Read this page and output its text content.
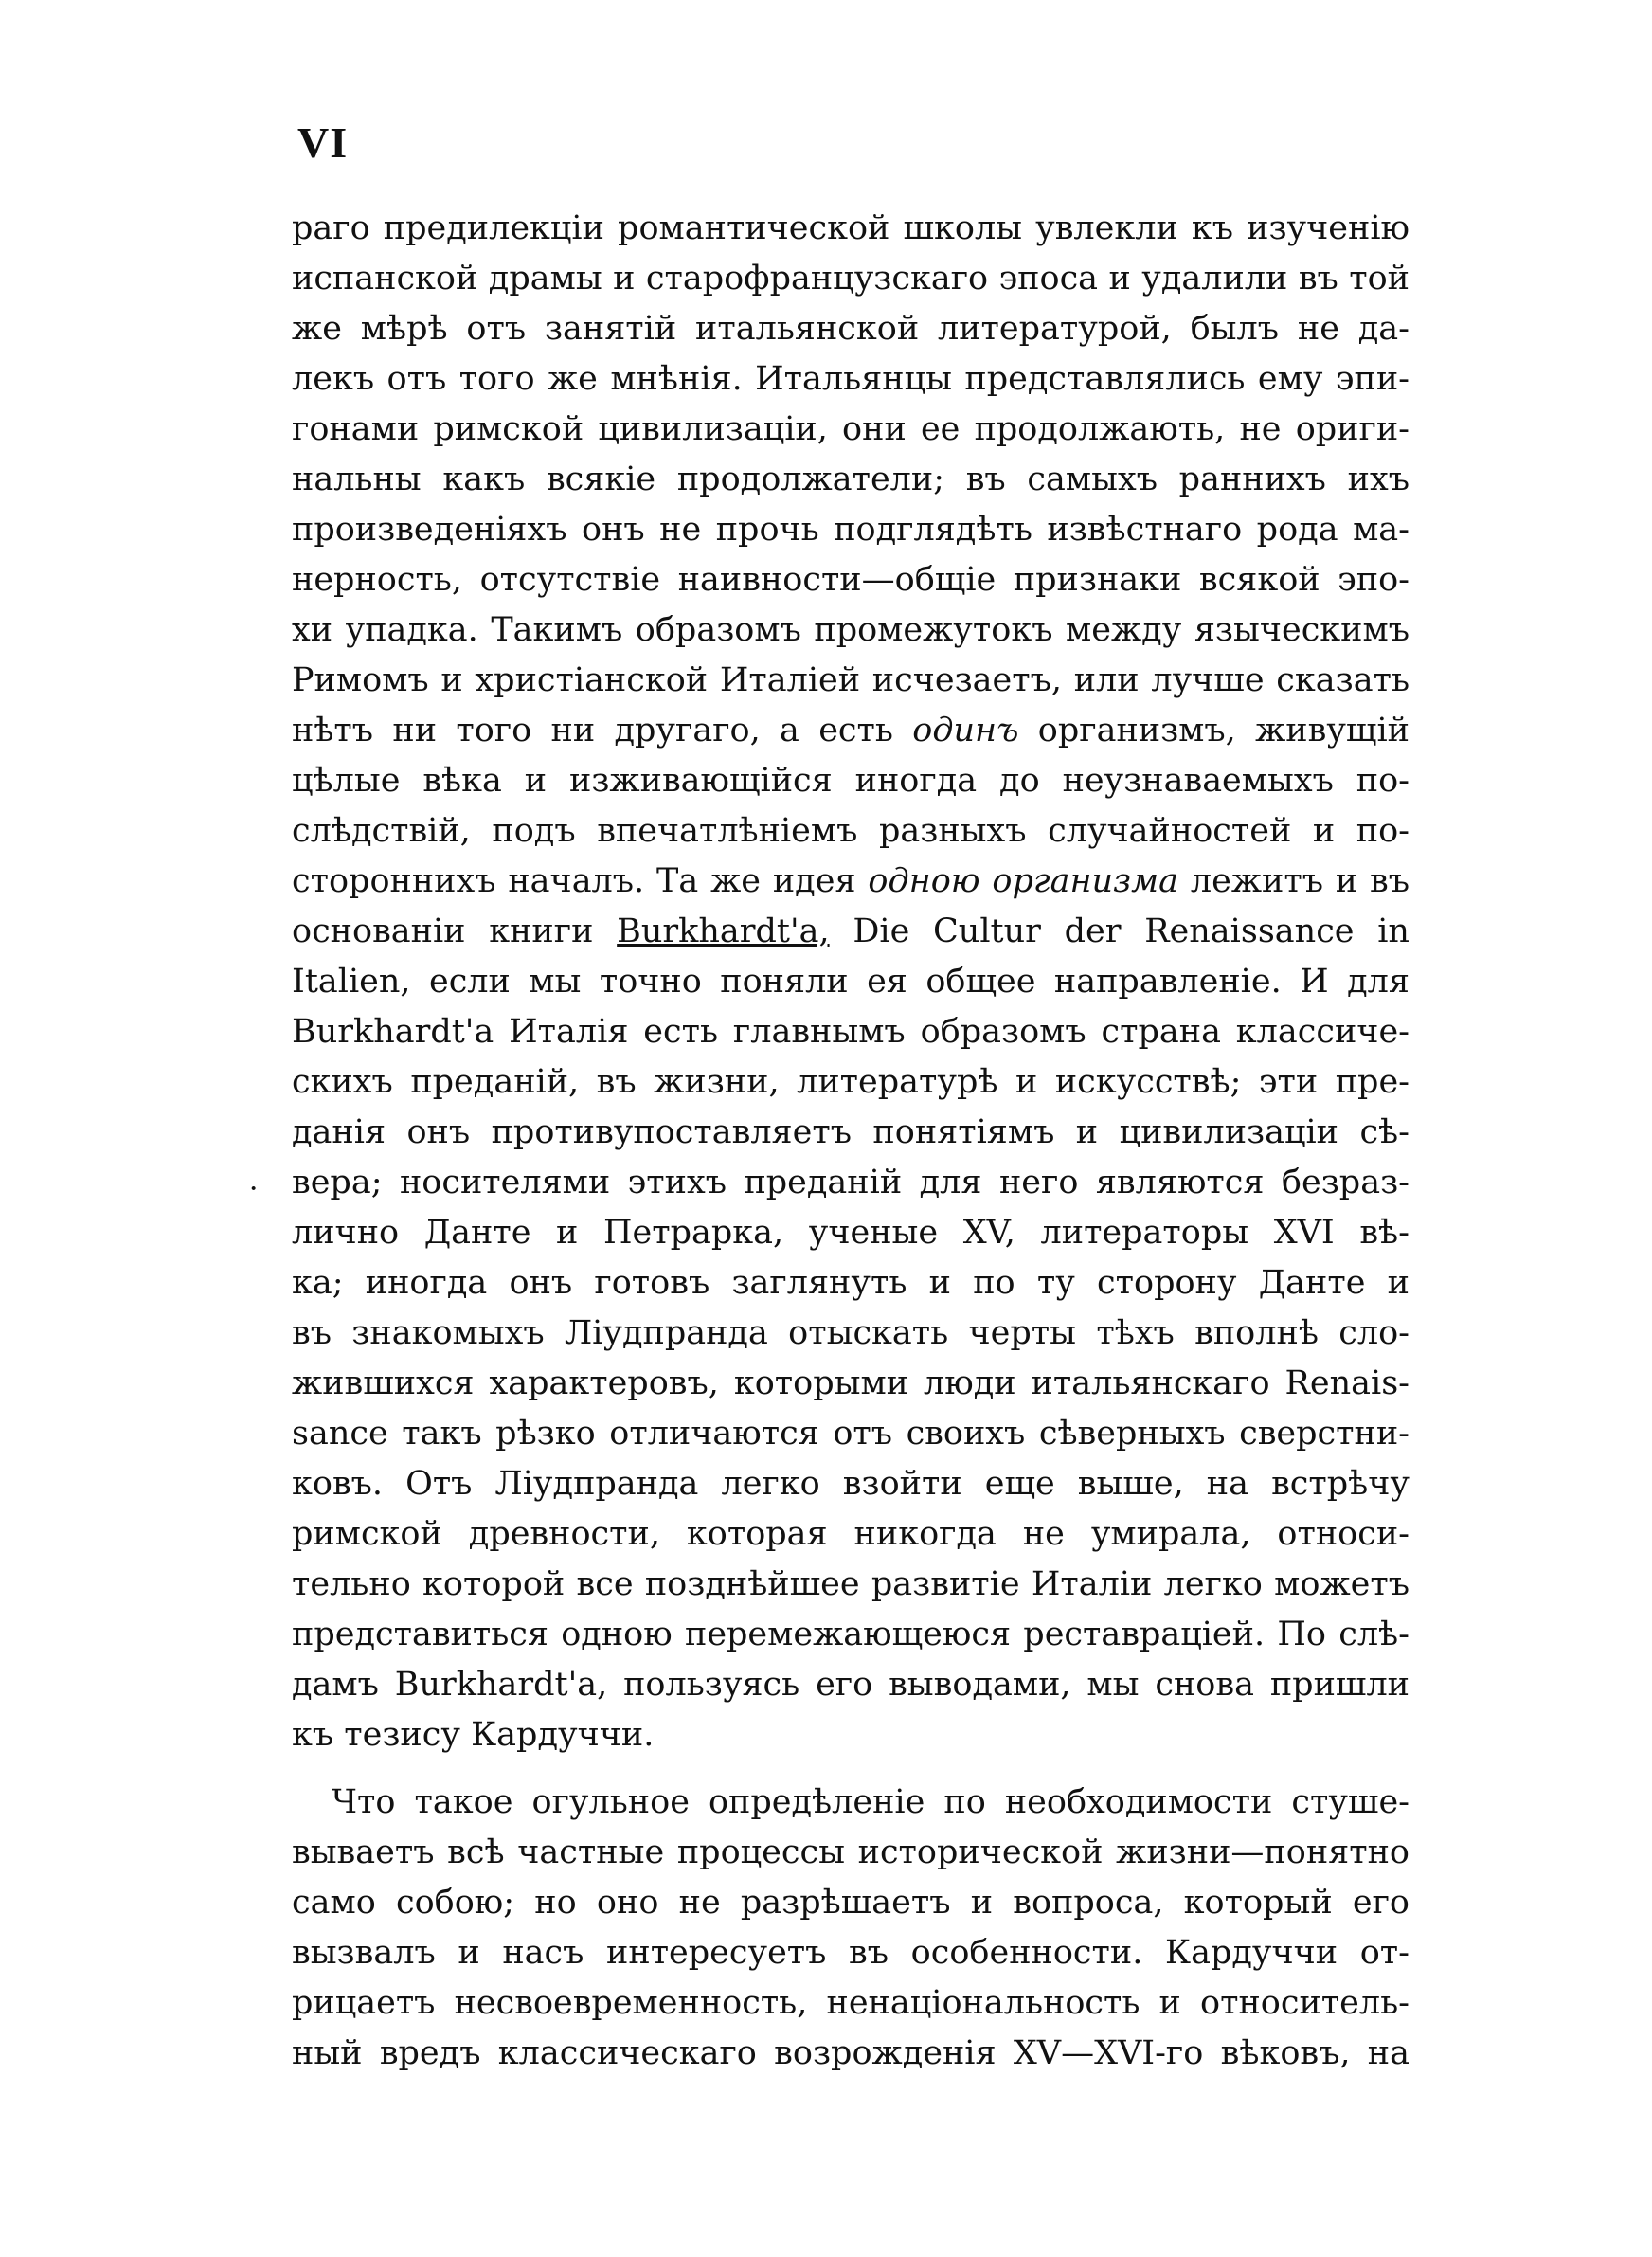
VI
·
раго предилекціи романтической школы увлекли къ изученію
испанской драмы и старофранцузскаго эпоса и удалили въ той
же мѣрѣ отъ занятій итальянской литературой, былъ не да-
лекъ отъ того же мнѣнія. Итальянцы представлялись ему эпи-
гонами римской цивилизаціи, они ее продолжають, не ориги-
нальны какъ всякіе продолжатели; въ самыхъ раннихъ ихъ
произведеніяхъ онъ не прочь подглядѣть извѣстнаго рода ма-
нерность, отсутствіе наивности—общіе признаки всякой эпо-
хи упадка. Такимъ образомъ промежутокъ между языческимъ
Римомъ и христіанской Италіей исчезаетъ, или лучше сказать
нѣтъ ни того ни другаго, а есть одинъ организмъ, живущій
цѣлые вѣка и изживающійся иногда до неузнаваемыхъ по-
слѣдствій, подъ впечатлѣніемъ разныхъ случайностей и по-
стороннихъ началъ. Та же идея одною организма лежитъ и въ
основаніи книги Burkhardt'a, Die Cultur der Renaissance in
Italien, если мы точно поняли ея общее направленіе. И для
Burkhardt'a Италія есть главнымъ образомъ страна классиче-
скихъ преданій, въ жизни, литературѣ и искусствѣ; эти пре-
данія онъ противупоставляетъ понятіямъ и цивилизаціи сѣ-
вера; носителями этихъ преданій для него являются безраз-
лично Данте и Петрарка, ученые XV, литераторы XVI вѣ-
ка; иногда онъ готовъ заглянуть и по ту сторону Данте и
въ знакомыхъ Ліудпранда отыскать черты тѣхъ вполнѣ сло-
жившихся характеровъ, которыми люди итальянскаго Renais-
sance такъ рѣзко отличаются отъ своихъ сѣверныхъ сверстни-
ковъ. Отъ Ліудпранда легко взойти еще выше, на встрѣчу
римской древности, которая никогда не умирала, относи-
тельно которой все позднѣйшее развитіе Италіи легко можетъ
представиться одною перемежающеюся реставраціей. По слѣ-
дамъ Burkhardt'a, пользуясь его выводами, мы снова пришли
къ тезису Кардуччи.
Что такое огульное опредѣленіе по необходимости стуше-
вываетъ всѣ частные процессы исторической жизни—понятно
само собою; но оно не разрѣшаетъ и вопроса, который его
вызвалъ и насъ интересуетъ въ особенности. Кардуччи от-
рицаетъ несвоевременность, ненаціональность и относитель-
ный вредъ классическаго возрожденія XV—XVI-го вѣковъ, на
